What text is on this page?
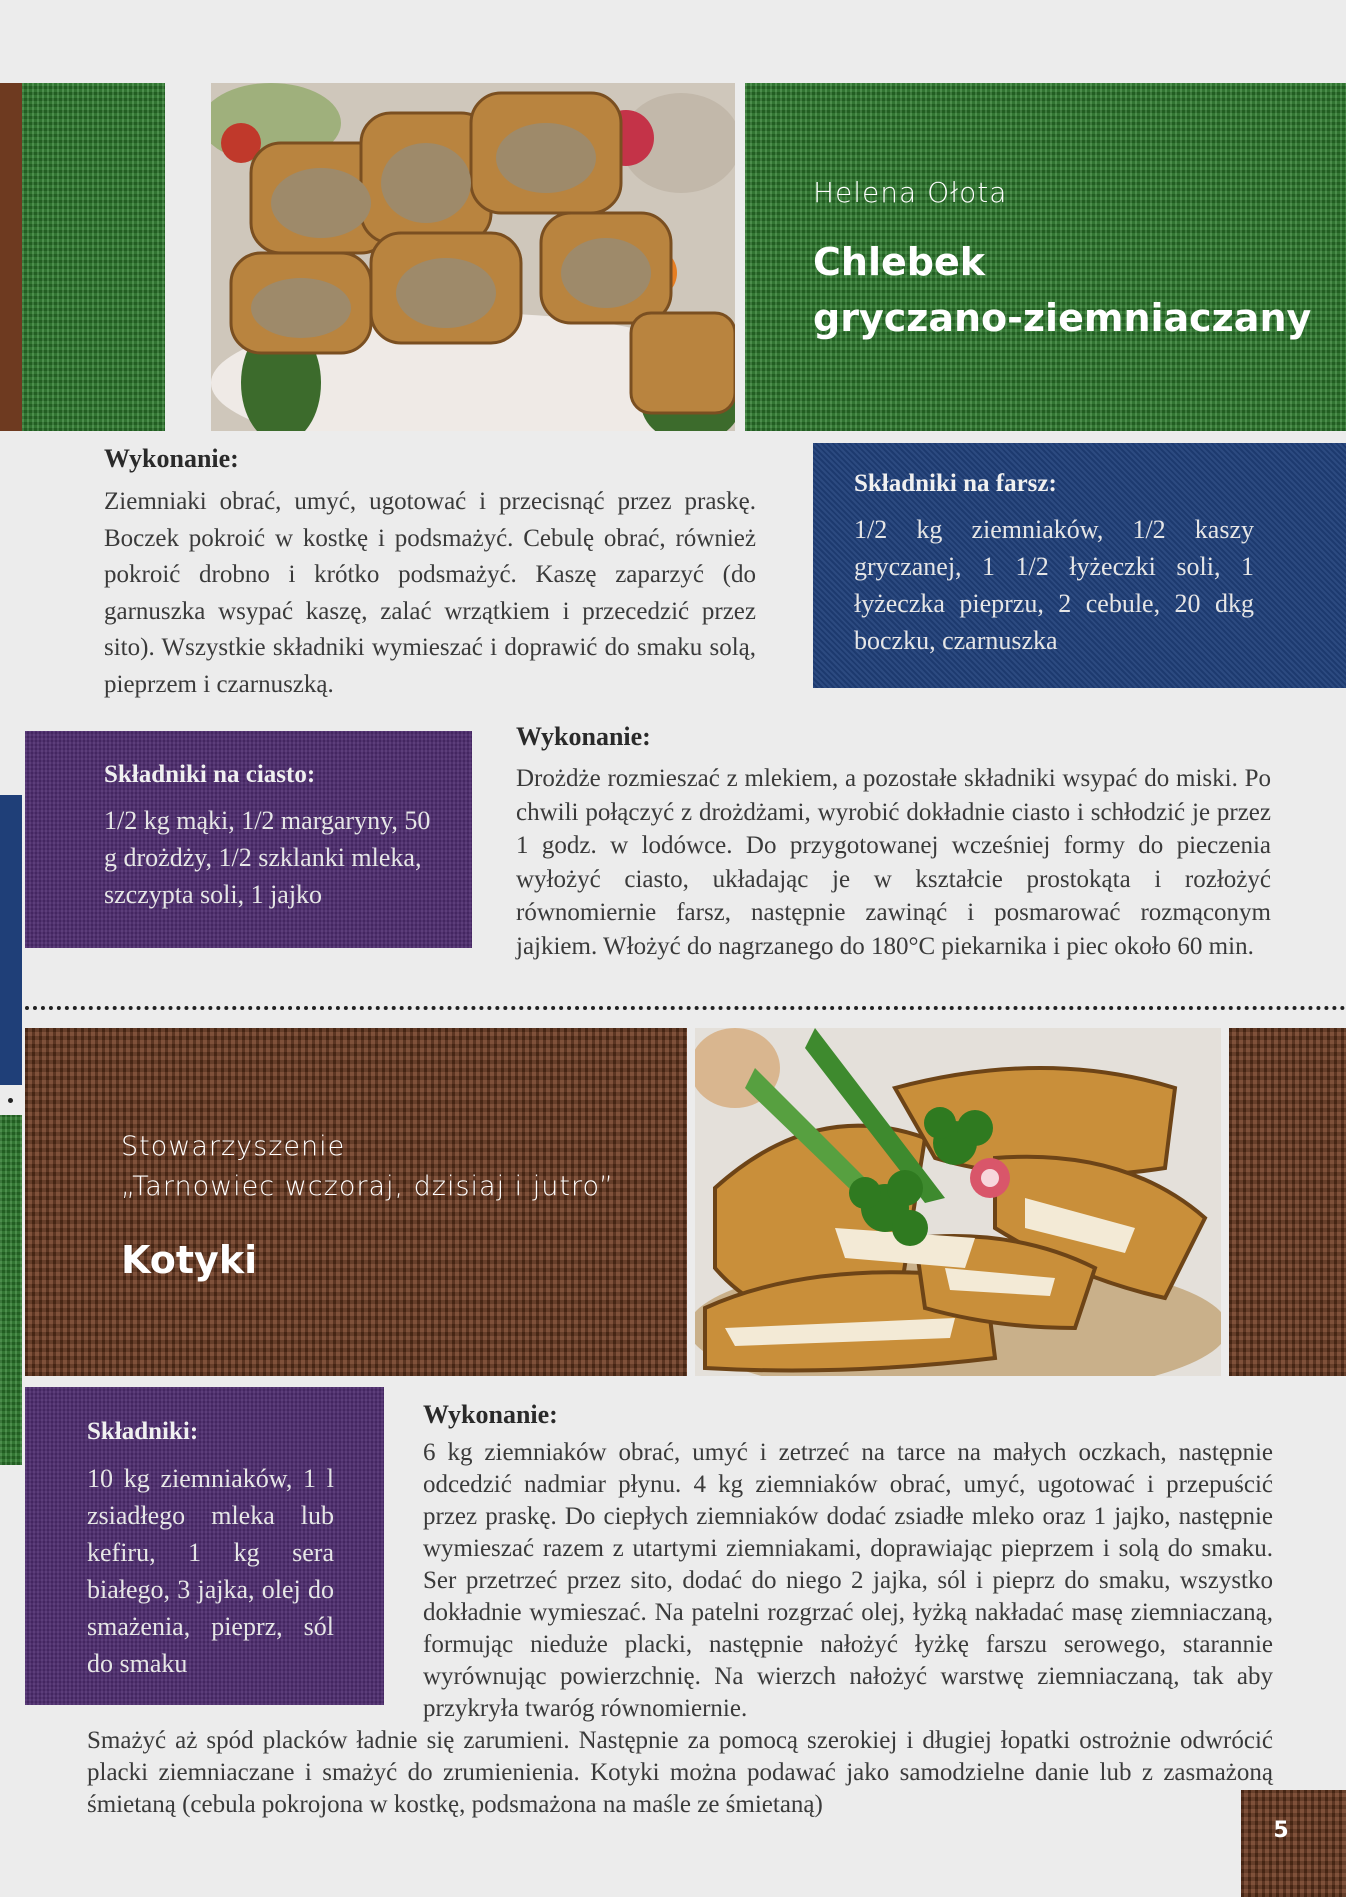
Helena Ołota
Chlebek
gryczano-ziemniaczany
Wykonanie:
Ziemniaki obrać, umyć, ugotować i przecisnąć przez praskę. Boczek pokroić w kostkę i podsmażyć. Cebulę obrać, również pokroić drobno i krótko podsmażyć. Kaszę zaparzyć (do garnuszka wsypać kaszę, zalać wrzątkiem i przecedzić przez sito). Wszystkie składniki wymieszać i doprawić do smaku solą, pieprzem i czarnuszką.
Składniki na farsz:
1/2 kg ziemniaków, 1/2 kaszy gryczanej, 1 1/2 łyżeczki soli, 1 łyżeczka pieprzu, 2 cebule, 20 dkg boczku, czarnuszka
Składniki na ciasto:
1/2 kg mąki, 1/2 margaryny, 50 g drożdży, 1/2 szklanki mleka, szczypta soli, 1 jajko
Wykonanie:
Drożdże rozmieszać z mlekiem, a pozostałe składniki wsypać do miski. Po chwili połączyć z drożdżami, wyrobić dokładnie ciasto i schłodzić je przez 1 godz. w lodówce. Do przygotowanej wcześniej formy do pieczenia wyłożyć ciasto, układając je w kształcie prostokąta i rozłożyć równomiernie farsz, następnie zawinąć i posmarować rozmąconym jajkiem. Włożyć do nagrzanego do 180°C piekarnika i piec około 60 min.
Stowarzyszenie
„Tarnowiec wczoraj, dzisiaj i jutro”
Kotyki
Składniki:
10 kg ziemniaków, 1 l zsiadłego mleka lub kefiru, 1 kg sera białego, 3 jajka, olej do smażenia, pieprz, sól do smaku
Wykonanie:
6 kg ziemniaków obrać, umyć i zetrzeć na tarce na małych oczkach, następnie odcedzić nadmiar płynu. 4 kg ziemniaków obrać, umyć, ugotować i przepuścić przez praskę. Do ciepłych ziemniaków dodać zsiadłe mleko oraz 1 jajko, następnie wymieszać razem z utartymi ziemniakami, doprawiając pieprzem i solą do smaku. Ser przetrzeć przez sito, dodać do niego 2 jajka, sól i pieprz do smaku, wszystko dokładnie wymieszać. Na patelni rozgrzać olej, łyżką nakładać masę ziemniaczaną, formując nieduże placki, następnie nałożyć łyżkę farszu serowego, starannie wyrównując powierzchnię. Na wierzch nałożyć warstwę ziemniaczaną, tak aby przykryła twaróg równomiernie.
Smażyć aż spód placków ładnie się zarumieni. Następnie za pomocą szerokiej i długiej łopatki ostrożnie odwrócić placki ziemniaczane i smażyć do zrumienienia. Kotyki można podawać jako samodzielne danie lub z zasmażoną śmietaną (cebula pokrojona w kostkę, podsmażona na maśle ze śmietaną)
5
